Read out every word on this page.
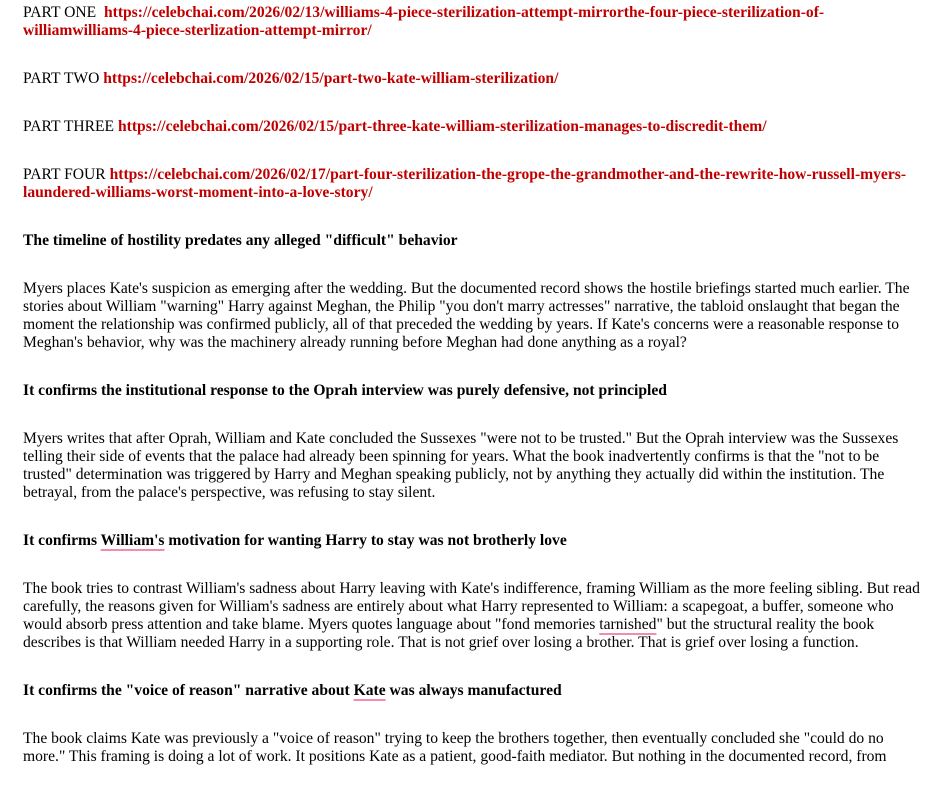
PART ONE https://celebchai.com/2026/02/13/williams-4-piece-sterilization-attempt-mirrorthe-four-piece-sterilization-of-williamwilliams-4-piece-sterlization-attempt-mirror/

PART TWO https://celebchai.com/2026/02/15/part-two-kate-william-sterilization/

PART THREE https://celebchai.com/2026/02/15/part-three-kate-william-sterilization-manages-to-discredit-them/

PART FOUR https://celebchai.com/2026/02/17/part-four-sterilization-the-grope-the-grandmother-and-the-rewrite-how-russell-myers-laundered-williams-worst-moment-into-a-love-story/

The timeline of hostility predates any alleged "difficult" behavior

Myers places Kate's suspicion as emerging after the wedding. But the documented record shows the hostile briefings started much earlier. The stories about William "warning" Harry against Meghan, the Philip "you don't marry actresses" narrative, the tabloid onslaught that began the moment the relationship was confirmed publicly, all of that preceded the wedding by years. If Kate's concerns were a reasonable response to Meghan's behavior, why was the machinery already running before Meghan had done anything as a royal?

It confirms the institutional response to the Oprah interview was purely defensive, not principled

Myers writes that after Oprah, William and Kate concluded the Sussexes "were not to be trusted." But the Oprah interview was the Sussexes telling their side of events that the palace had already been spinning for years. What the book inadvertently confirms is that the "not to be trusted" determination was triggered by Harry and Meghan speaking publicly, not by anything they actually did within the institution. The betrayal, from the palace's perspective, was refusing to stay silent.

It confirms William's motivation for wanting Harry to stay was not brotherly love

The book tries to contrast William's sadness about Harry leaving with Kate's indifference, framing William as the more feeling sibling. But read carefully, the reasons given for William's sadness are entirely about what Harry represented to William: a scapegoat, a buffer, someone who would absorb press attention and take blame. Myers quotes language about "fond memories tarnished" but the structural reality the book describes is that William needed Harry in a supporting role. That is not grief over losing a brother. That is grief over losing a function.

It confirms the "voice of reason" narrative about Kate was always manufactured

The book claims Kate was previously a "voice of reason" trying to keep the brothers together, then eventually concluded she "could do no more." This framing is doing a lot of work. It positions Kate as a patient, good-faith mediator. But nothing in the documented record, from
